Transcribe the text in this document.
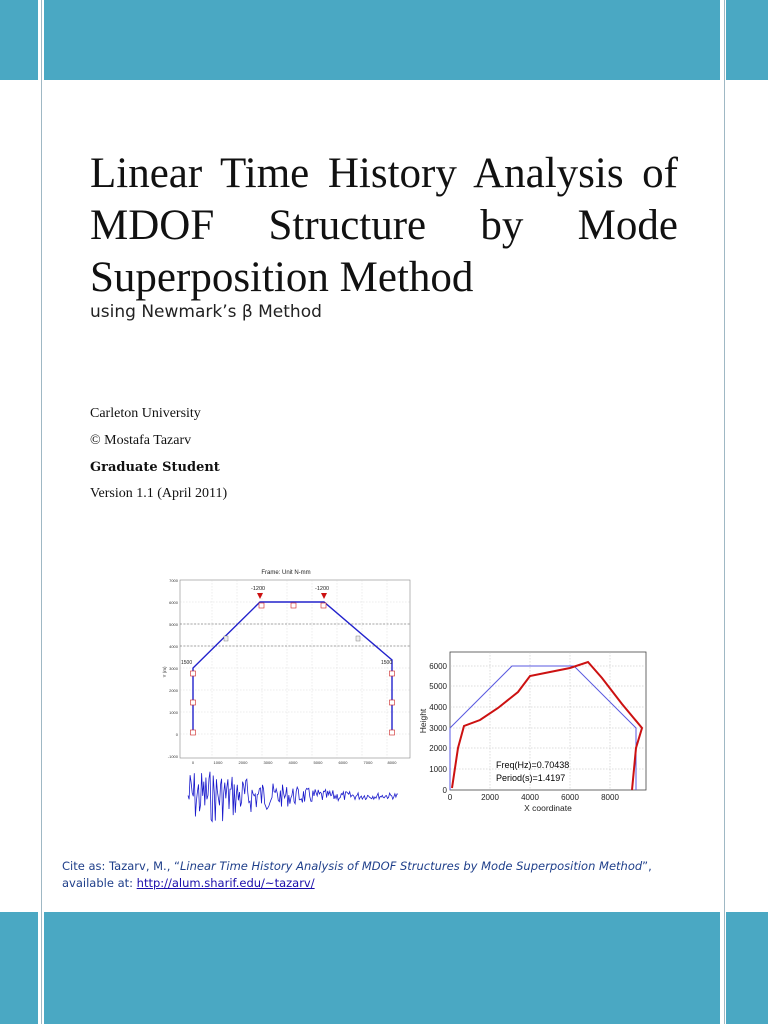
Linear Time History Analysis of MDOF Structure by Mode Superposition Method
using Newmark’s β Method
Carleton University
© Mostafa Tazarv
Graduate Student
Version 1.1 (April 2011)
Frame: Unit N-mm
-1200	-1200
1500	1500
7000
6000
5000
4000
3000
2000
1000
0
-1000
0	1000	2000	3000	4000	5000	6000	7000	8000
Y (m)
Freq(Hz)=0.70438
Period(s)=1.4197
6000
5000
4000
3000
2000
1000
0
0	2000	4000	6000	8000
X coordinate
Height
Cite as: Tazarv, M., “Linear Time History Analysis of MDOF Structures by Mode Superposition Method”, available at: http://alum.sharif.edu/~tazarv/
